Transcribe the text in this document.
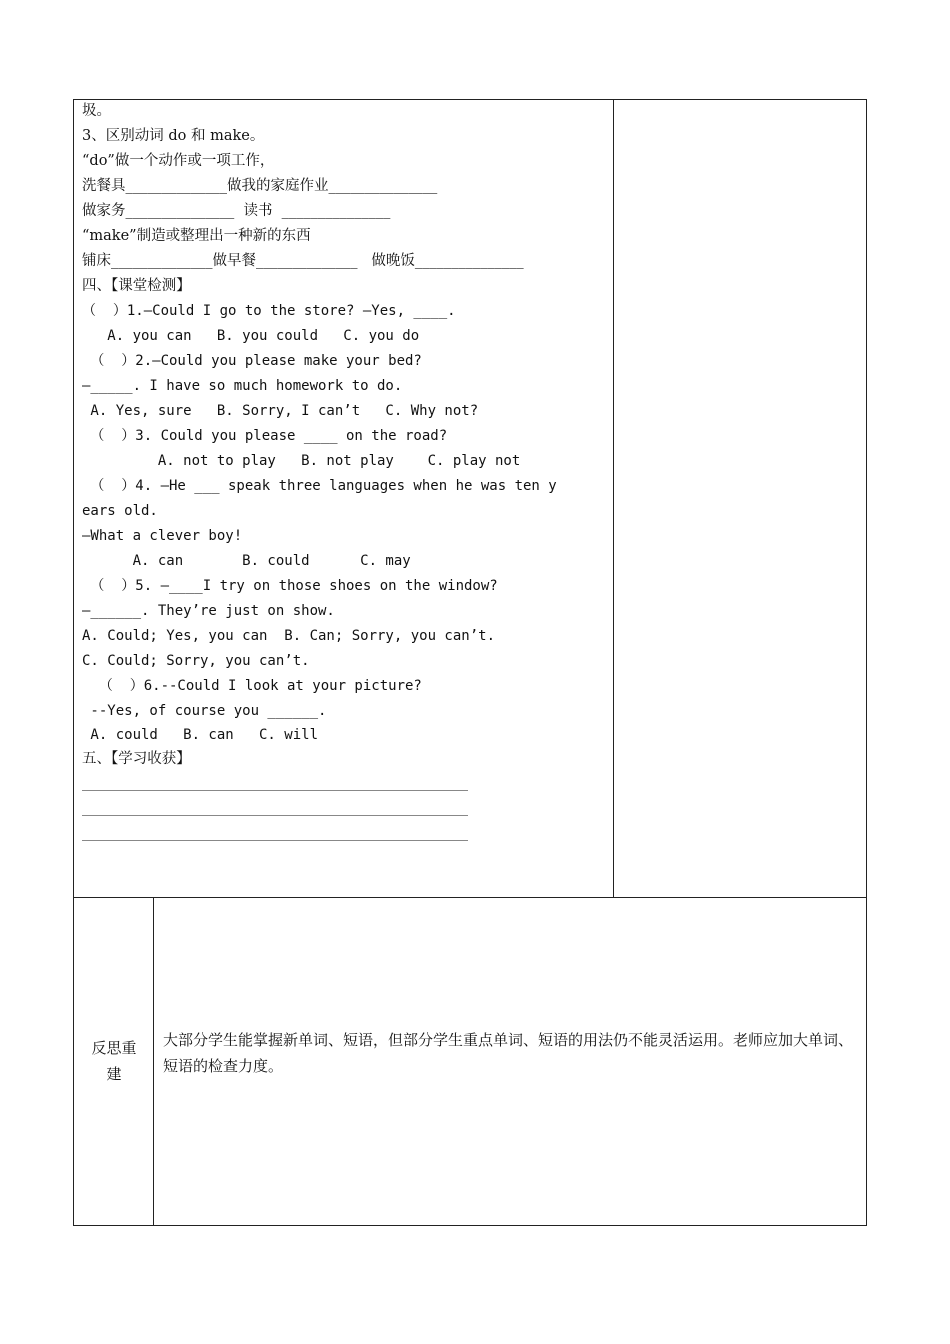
圾。
3、区别动词 do 和 make。
“do”做一个动作或一项工作，
洗餐具______________做我的家庭作业_______________
做家务_______________  读书  _______________
“make”制造或整理出一种新的东西
铺床______________做早餐______________   做晚饭_______________
四、【课堂检测】
（  ）1.—Could I go to the store? —Yes, ____.
A. you can   B. you could   C. you do
（  ）2.—Could you please make your bed?
—_____. I have so much homework to do.
A. Yes, sure   B. Sorry, I can’t   C. Why not?
（  ）3. Could you please ____ on the road?
A. not to play   B. not play    C. play not
（  ）4. —He ___ speak three languages when he was ten y
ears old.
—What a clever boy!
A. can       B. could      C. may
（  ）5. —____I try on those shoes on the window?
—______. They’re just on show.
A. Could; Yes, you can  B. Can; Sorry, you can’t.
C. Could; Sorry, you can’t.
（  ）6.--Could I look at your picture?
--Yes, of course you ______.
A. could   B. can   C. will
五、【学习收获】
反思重
建
大部分学生能掌握新单词、短语，但部分学生重点单词、短语的用法仍不能灵活运用。老师应加大单词、短语的检查力度。
